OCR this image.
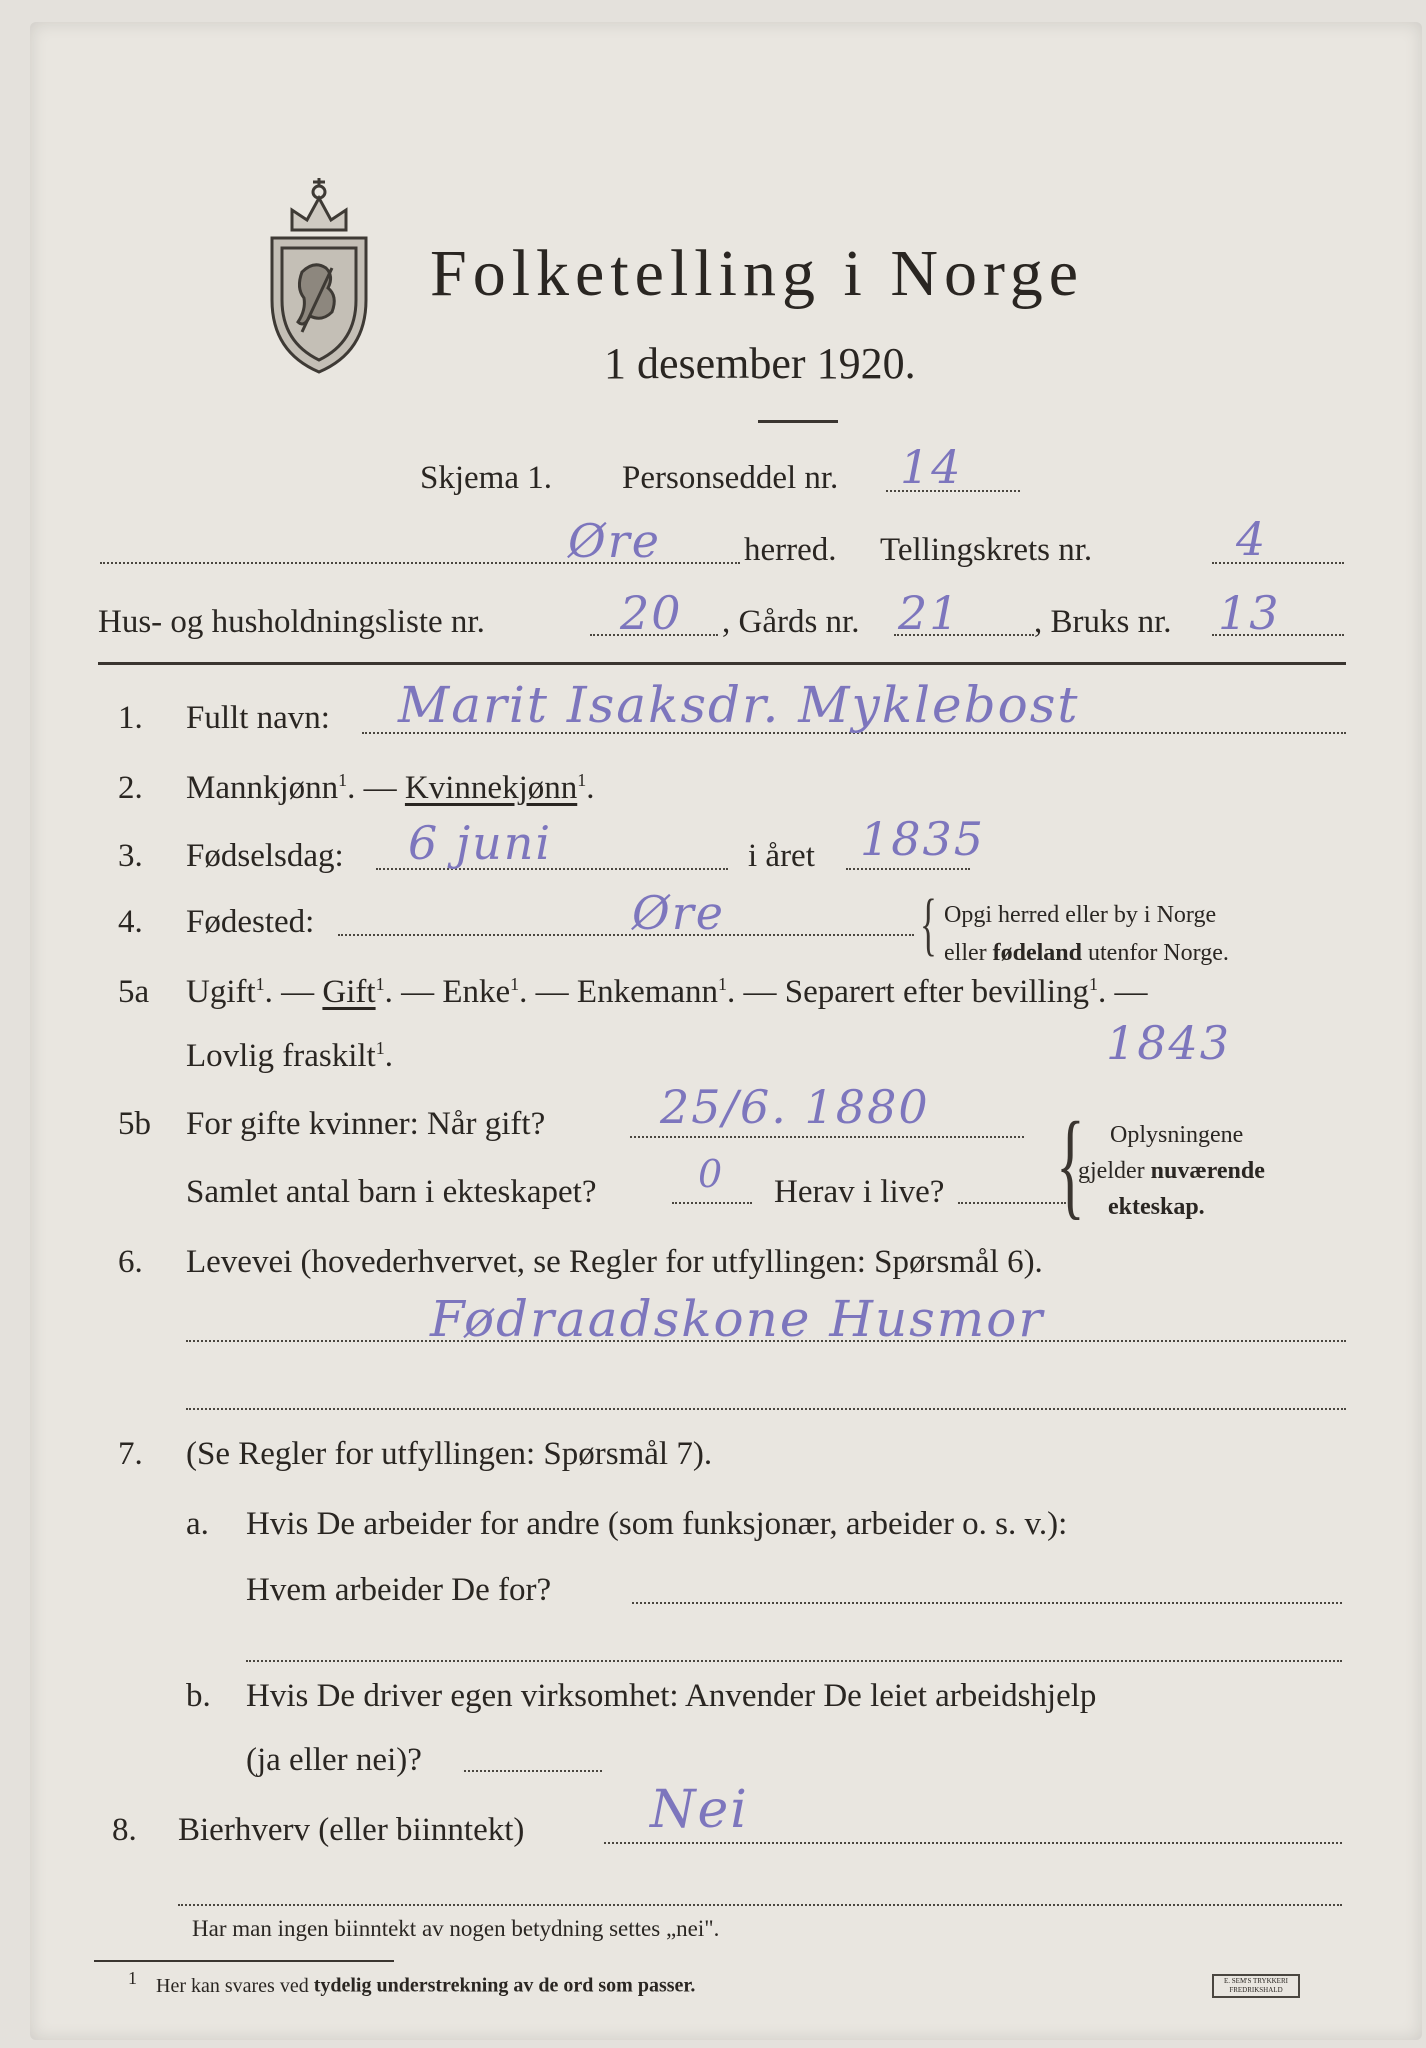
Folketelling i Norge
1 desember 1920.
Skjema 1. Personseddel nr. 14
Øre	herred. Tellingskrets nr.	4
Hus- og husholdningsliste nr.	20 , Gårds nr. 21 , Bruks nr. 13
1. Fullt navn: Marit Isaksdr. Myklebost
2. Mannkjønn$^1$. — Kvinnekjønn$^1$.
3. Fødselsdag: 6 juni	i året 1835
4. Fødested:	Øre	{ Opgi herred eller by i Norge
eller fødeland utenfor Norge.
5a Ugift$^1$. — Gift$^1$. — Enke$^1$. — Enkemann$^1$. — Separert efter bevilling$^1$. —
Lovlig fraskilt$^1$.	1843
5b For gifte kvinner: Når gift? 25/6. 1880
Samlet antal barn i ekteskapet?	0 Herav i live? { Oplysningene
gjelder nuværende
ekteskap.
6. Levevei (hovederhvervet, se Regler for utfyllingen: Spørsmål 6).
Fødraadskone Husmor
7. (Se Regler for utfyllingen: Spørsmål 7).
a. Hvis De arbeider for andre (som funksjonær, arbeider o. s. v.):
Hvem arbeider De for?
b. Hvis De driver egen virksomhet: Anvender De leiet arbeidshjelp
(ja eller nei)?
8. Bierhverv (eller biinntekt) Nei
Har man ingen biinntekt av nogen betydning settes „nei".
$^1$ Her kan svares ved tydelig understrekning av de ord som passer.	E. SEM'S TRYKKERI FREDRIKSHALD
